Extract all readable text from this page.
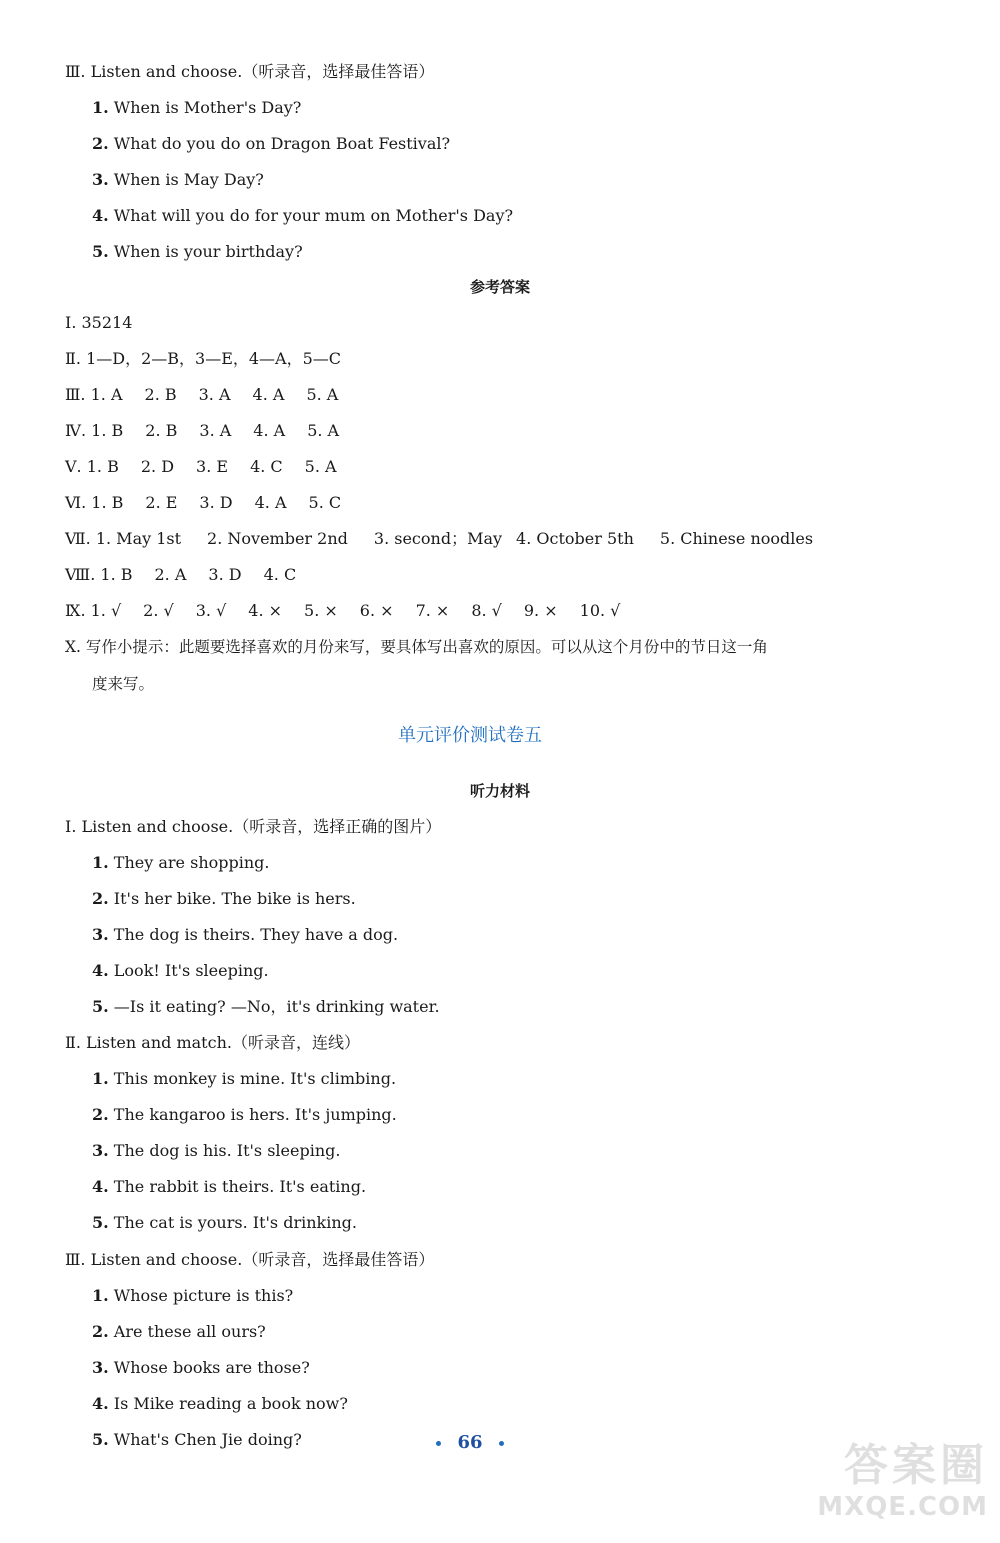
Ⅲ. Listen and choose.（听录音，选择最佳答语）
1. When is Mother's Day?
2. What do you do on Dragon Boat Festival?
3. When is May Day?
4. What will you do for your mum on Mother's Day?
5. When is your birthday?
参考答案
Ⅰ. 35214
Ⅱ. 1—D，2—B，3—E，4—A，5—C
Ⅲ. 1. A 2. B 3. A 4. A 5. A
Ⅳ. 1. B 2. B 3. A 4. A 5. A
Ⅴ. 1. B 2. D 3. E 4. C 5. A
Ⅵ. 1. B 2. E 3. D 4. A 5. C
Ⅶ. 1. May 1st 2. November 2nd 3. second；May 4. October 5th 5. Chinese noodles
Ⅷ. 1. B 2. A 3. D 4. C
Ⅸ. 1. √ 2. √ 3. √ 4. × 5. × 6. × 7. × 8. √ 9. × 10. √
Ⅹ. 写作小提示：此题要选择喜欢的月份来写，要具体写出喜欢的原因。可以从这个月份中的节日这一角
度来写。
单元评价测试卷五
听力材料
Ⅰ. Listen and choose.（听录音，选择正确的图片）
1. They are shopping.
2. It's her bike. The bike is hers.
3. The dog is theirs. They have a dog.
4. Look! It's sleeping.
5. —Is it eating? —No，it's drinking water.
Ⅱ. Listen and match.（听录音，连线）
1. This monkey is mine. It's climbing.
2. The kangaroo is hers. It's jumping.
3. The dog is his. It's sleeping.
4. The rabbit is theirs. It's eating.
5. The cat is yours. It's drinking.
Ⅲ. Listen and choose.（听录音，选择最佳答语）
1. Whose picture is this?
2. Are these all ours?
3. Whose books are those?
4. Is Mike reading a book now?
5. What's Chen Jie doing?	66	答案圈
MXQE.COM
